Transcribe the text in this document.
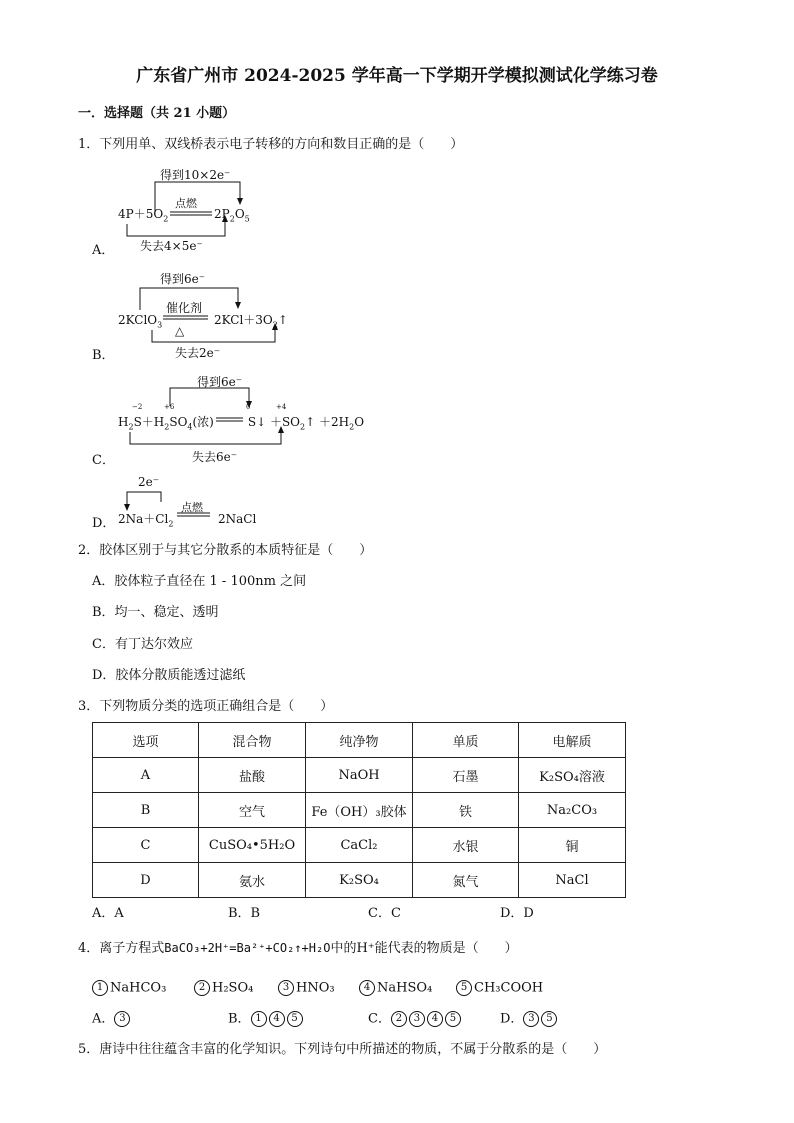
广东省广州市 2024-2025 学年高一下学期开学模拟测试化学练习卷
一．选择题（共 21 小题）
1．下列用单、双线桥表示电子转移的方向和数目正确的是（　　）
得到10×2e⁻
点燃
$4P+5O_2$	$2P_2O_5$
失去4×5e⁻
A．
得到6e⁻
催化剂
2KClO$_3$	$2KCl+3O_2↑$
△
失去2e⁻
B．
得到6e⁻
−2	+6	0	+4
$H_2S+H_2SO_4$(浓)	S↓ $+SO_2↑ +2H_2O$
失去6e⁻
C．
2e⁻
点燃
$2Na+Cl_2$	2NaCl
D．
2．胶体区别于与其它分散系的本质特征是（　　）
A．胶体粒子直径在 1 - 100nm 之间
B．均一、稳定、透明
C．有丁达尔效应
D．胶体分散质能透过滤纸
3．下列物质分类的选项正确组合是（　　）
选项	混合物	纯净物	单质	电解质
A	盐酸	NaOH	石墨	K₂SO₄溶液
B	空气	Fe（OH）₃胶体	铁	Na₂CO₃
C	CuSO₄•5H₂O	CaCl₂	水银	铜
D	氨水	K₂SO₄	氮气	NaCl
A．A	B．B	C．C	D．D
4．离子方程式BaCO₃+2H⁺=Ba²⁺+CO₂↑+H₂O中的H⁺能代表的物质是（　　）
1 NaHCO₃	2 H₂SO₄	3 HNO₃	4 NaHSO₄	5 CH₃COOH
A． 3	B． 1 4 5	C． 2 3 4 5	D． 3 5
5．唐诗中往往蕴含丰富的化学知识。下列诗句中所描述的物质，不属于分散系的是（　　）
